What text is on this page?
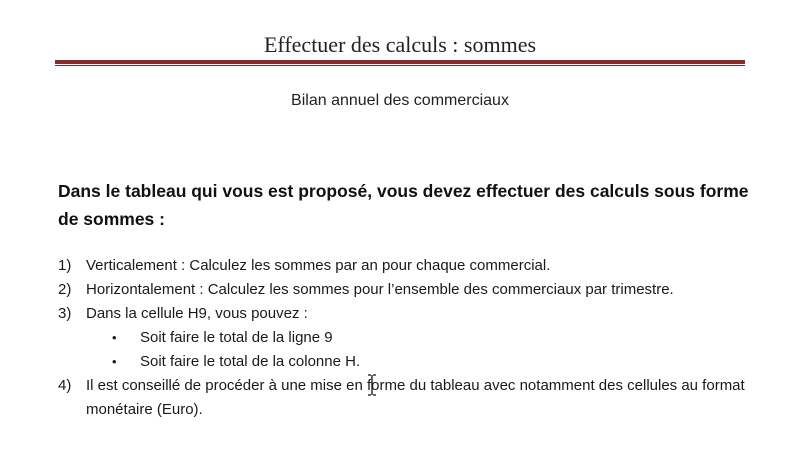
Effectuer des calculs : sommes
Bilan annuel des commerciaux
Dans le tableau qui vous est proposé, vous devez effectuer des calculs sous forme de sommes :
1) Verticalement : Calculez les sommes par an pour chaque commercial.
2) Horizontalement : Calculez les sommes pour l’ensemble des commerciaux par trimestre.
3) Dans la cellule H9, vous pouvez :
•	Soit faire le total de la ligne 9
•	Soit faire le total de la colonne H.
4) Il est conseillé de procéder à une mise en forme du tableau avec notamment des cellules au format monétaire (Euro).
